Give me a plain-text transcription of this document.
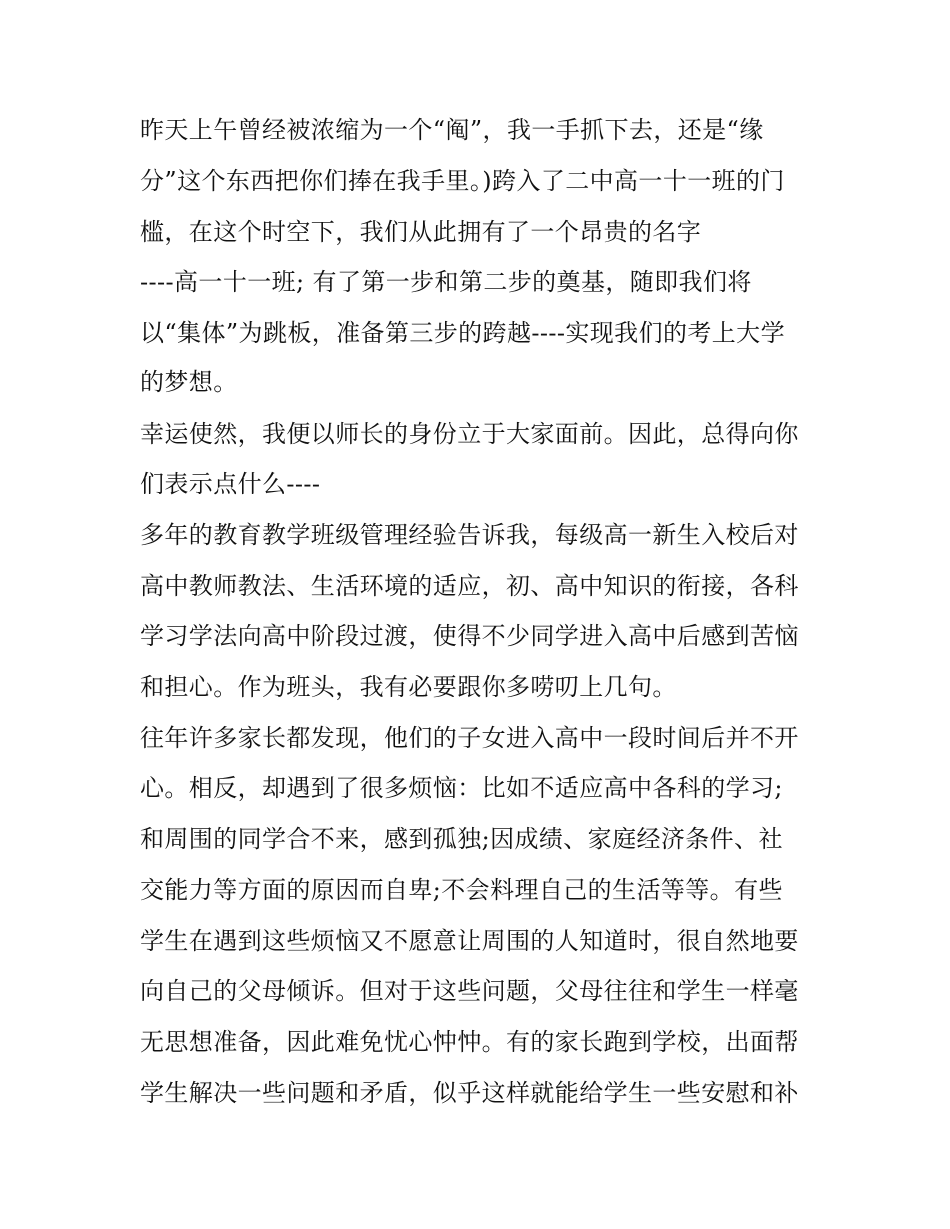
昨天上午曾经被浓缩为一个“阄”，我一手抓下去，还是“缘
分”这个东西把你们捧在我手里。)跨入了二中高一十一班的门
槛，在这个时空下，我们从此拥有了一个昂贵的名字
----高一十一班; 有了第一步和第二步的奠基，随即我们将
以“集体”为跳板，准备第三步的跨越----实现我们的考上大学
的梦想。
幸运使然，我便以师长的身份立于大家面前。因此，总得向你
们表示点什么----
多年的教育教学班级管理经验告诉我，每级高一新生入校后对
高中教师教法、生活环境的适应，初、高中知识的衔接，各科
学习学法向高中阶段过渡，使得不少同学进入高中后感到苦恼
和担心。作为班头，我有必要跟你多唠叨上几句。
往年许多家长都发现，他们的子女进入高中一段时间后并不开
心。相反，却遇到了很多烦恼：比如不适应高中各科的学习;
和周围的同学合不来，感到孤独;因成绩、家庭经济条件、社
交能力等方面的原因而自卑;不会料理自己的生活等等。有些
学生在遇到这些烦恼又不愿意让周围的人知道时，很自然地要
向自己的父母倾诉。但对于这些问题，父母往往和学生一样毫
无思想准备，因此难免忧心忡忡。有的家长跑到学校，出面帮
学生解决一些问题和矛盾，似乎这样就能给学生一些安慰和补
